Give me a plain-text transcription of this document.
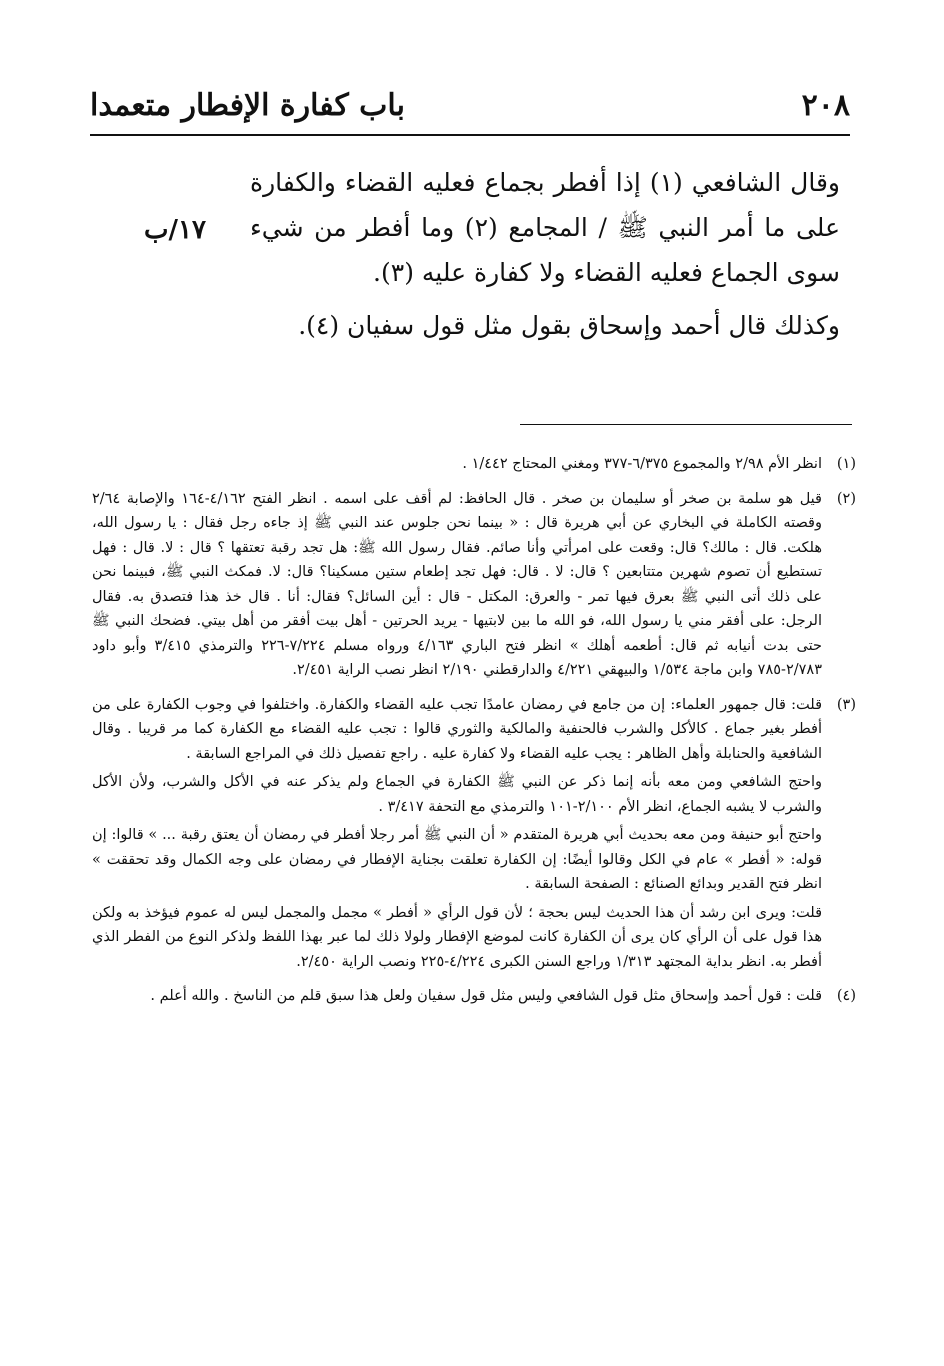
٢٠٨
باب كفارة الإفطار متعمدا

وقال الشافعي (١) إذا أفطر بجماع فعليه القضاء والكفارة على ما أمر النبي ﷺ / المجامع (٢) وما أفطر من شيء سوى الجماع فعليه القضاء ولا كفارة عليه (٣).

وكذلك قال أحمد وإسحاق بقول مثل قول سفيان (٤).

١٧/ب
(١)

انظر الأم ٢/٩٨ والمجموع ٦/٣٧٥-٣٧٧ ومغني المحتاج ١/٤٤٢ .

(٢)

قيل هو سلمة بن صخر أو سليمان بن صخر . قال الحافظ: لم أقف على اسمه . انظر الفتح ٤/١٦٢-١٦٤ والإصابة ٢/٦٤ وقصته الكاملة في البخاري عن أبي هريرة قال : « بينما نحن جلوس عند النبي ﷺ إذ جاءه رجل فقال : يا رسول الله، هلكت. قال : مالك؟ قال: وقعت على امرأتي وأنا صائم. فقال رسول الله ﷺ: هل تجد رقبة تعتقها ؟ قال : لا. قال : فهل تستطيع أن تصوم شهرين متتابعين ؟ قال: لا . قال: فهل تجد إطعام ستين مسكينا؟ قال: لا. فمكث النبي ﷺ، فبينما نحن على ذلك أتى النبي ﷺ بعرق فيها تمر - والعرق: المكتل - قال : أين السائل؟ فقال: أنا . قال خذ هذا فتصدق به. فقال الرجل: على أفقر مني يا رسول الله، فو الله ما بين لابتيها - يريد الحرتين - أهل بيت أفقر من أهل بيتي. فضحك النبي ﷺ حتى بدت أنيابه ثم قال: أطعمه أهلك » انظر فتح الباري ٤/١٦٣ ورواه مسلم ٧/٢٢٤-٢٢٦ والترمذي ٣/٤١٥ وأبو داود ٢/٧٨٣-٧٨٥ وابن ماجة ١/٥٣٤ والبيهقي ٤/٢٢١ والدارقطني ٢/١٩٠ انظر نصب الراية ٢/٤٥١.

(٣)

قلت: قال جمهور العلماء: إن من جامع في رمضان عامدًا تجب عليه القضاء والكفارة. واختلفوا في وجوب الكفارة على من أفطر بغير جماع . كالأكل والشرب فالحنفية والمالكية والثوري قالوا : تجب عليه القضاء مع الكفارة كما مر قريبا . وقال الشافعية والحنابلة وأهل الظاهر : يجب عليه القضاء ولا كفارة عليه . راجع تفصيل ذلك في المراجع السابقة .

واحتج الشافعي ومن معه بأنه إنما ذكر عن النبي ﷺ الكفارة في الجماع ولم يذكر عنه في الأكل والشرب، ولأن الأكل والشرب لا يشبه الجماع، انظر الأم ٢/١٠٠-١٠١ والترمذي مع التحفة ٣/٤١٧ .

واحتج أبو حنيفة ومن معه بحديث أبي هريرة المتقدم « أن النبي ﷺ أمر رجلا أفطر في رمضان أن يعتق رقبة ... » قالوا: إن قوله: « أفطر » عام في الكل وقالوا أيضًا: إن الكفارة تعلقت بجناية الإفطار في رمضان على وجه الكمال وقد تحققت » انظر فتح القدير وبدائع الصنائع : الصفحة السابقة .

قلت: ويرى ابن رشد أن هذا الحديث ليس بحجة ؛ لأن قول الرأي « أفطر » مجمل والمجمل ليس له عموم فيؤخذ به ولكن هذا قول على أن الرأي كان يرى أن الكفارة كانت لموضع الإفطار ولولا ذلك لما عبر بهذا اللفظ ولذكر النوع من الفطر الذي أفطر به. انظر بداية المجتهد ١/٣١٣ وراجع السنن الكبرى ٤/٢٢٤-٢٢٥ ونصب الراية ٢/٤٥٠.

(٤)

قلت : قول أحمد وإسحاق مثل قول الشافعي وليس مثل قول سفيان ولعل هذا سبق قلم من الناسخ . والله أعلم .
